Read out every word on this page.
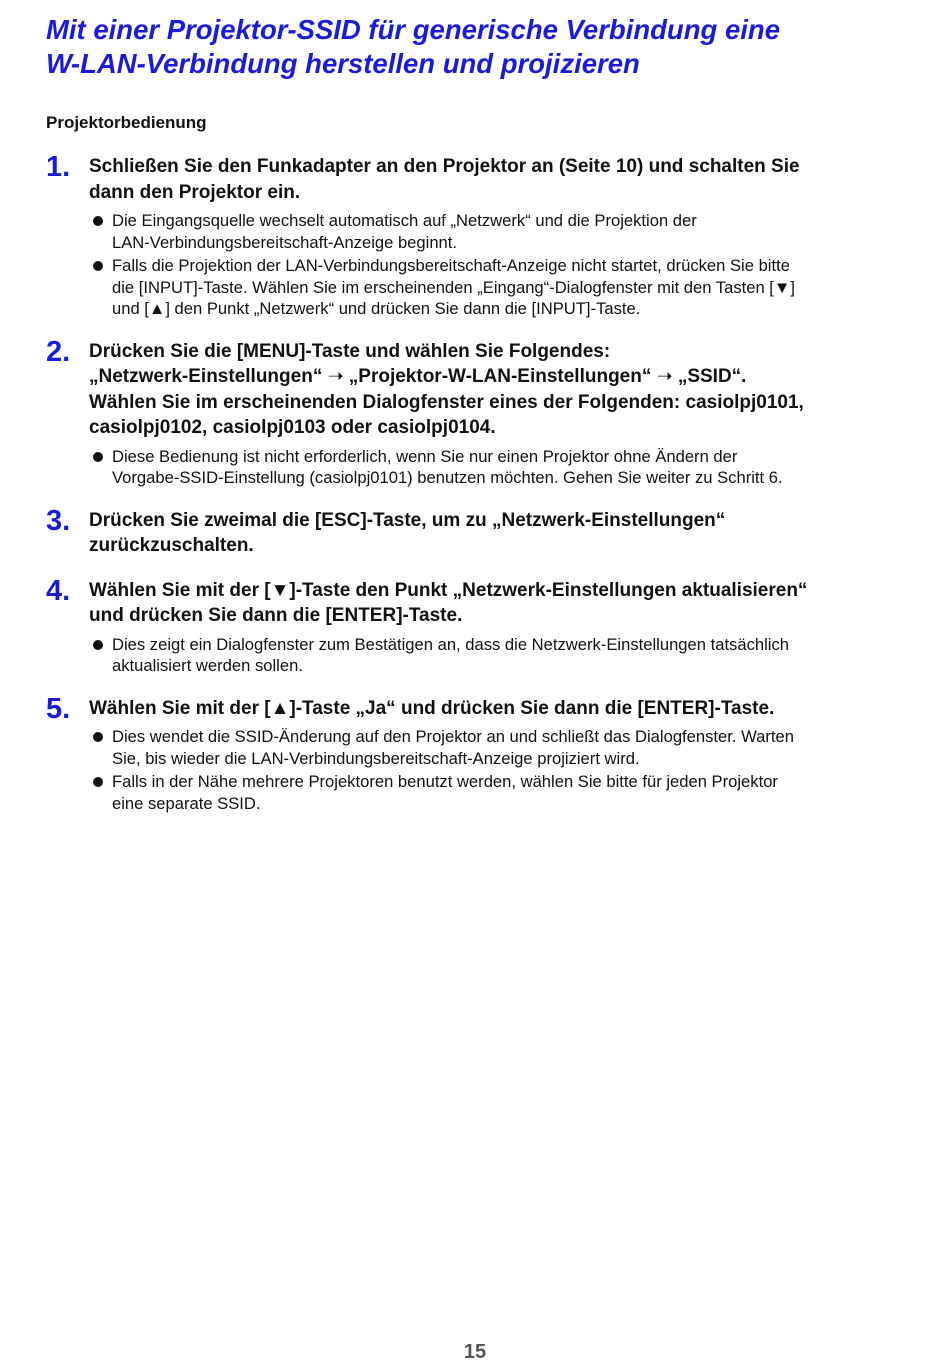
Mit einer Projektor-SSID für generische Verbindung eine
W-LAN-Verbindung herstellen und projizieren
Projektorbedienung
1. Schließen Sie den Funkadapter an den Projektor an (Seite 10) und schalten Sie
dann den Projektor ein.
Die Eingangsquelle wechselt automatisch auf „Netzwerk“ und die Projektion der
LAN-Verbindungsbereitschaft-Anzeige beginnt.
Falls die Projektion der LAN-Verbindungsbereitschaft-Anzeige nicht startet, drücken Sie bitte
die [INPUT]-Taste. Wählen Sie im erscheinenden „Eingang“-Dialogfenster mit den Tasten [▼]
und [▲] den Punkt „Netzwerk“ und drücken Sie dann die [INPUT]-Taste.
2. Drücken Sie die [MENU]-Taste und wählen Sie Folgendes:
„Netzwerk-Einstellungen“ ➝ „Projektor-W-LAN-Einstellungen“ ➝ „SSID“.
Wählen Sie im erscheinenden Dialogfenster eines der Folgenden: casiolpj0101,
casiolpj0102, casiolpj0103 oder casiolpj0104.
Diese Bedienung ist nicht erforderlich, wenn Sie nur einen Projektor ohne Ändern der
Vorgabe-SSID-Einstellung (casiolpj0101) benutzen möchten. Gehen Sie weiter zu Schritt 6.
3. Drücken Sie zweimal die [ESC]-Taste, um zu „Netzwerk-Einstellungen“
zurückzuschalten.
4. Wählen Sie mit der [▼]-Taste den Punkt „Netzwerk-Einstellungen aktualisieren“
und drücken Sie dann die [ENTER]-Taste.
Dies zeigt ein Dialogfenster zum Bestätigen an, dass die Netzwerk-Einstellungen tatsächlich
aktualisiert werden sollen.
5. Wählen Sie mit der [▲]-Taste „Ja“ und drücken Sie dann die [ENTER]-Taste.
Dies wendet die SSID-Änderung auf den Projektor an und schließt das Dialogfenster. Warten
Sie, bis wieder die LAN-Verbindungsbereitschaft-Anzeige projiziert wird.
Falls in der Nähe mehrere Projektoren benutzt werden, wählen Sie bitte für jeden Projektor
eine separate SSID.
15
